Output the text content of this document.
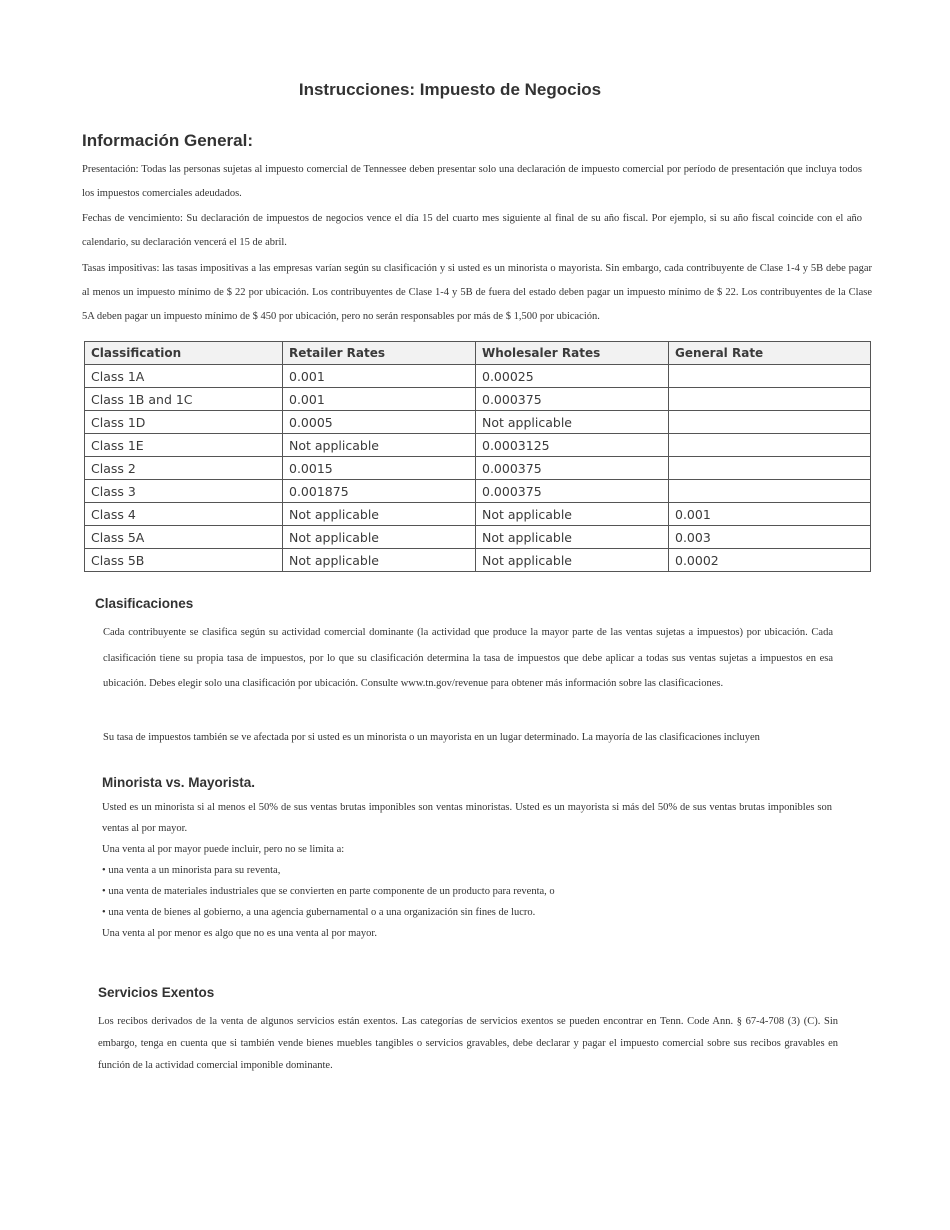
Instrucciones: Impuesto de Negocios
Información General:

Presentación: Todas las personas sujetas al impuesto comercial de Tennessee deben presentar solo una declaración de impuesto comercial por período de presentación que incluya todos los impuestos comerciales adeudados.

Fechas de vencimiento: Su declaración de impuestos de negocios vence el día 15 del cuarto mes siguiente al final de su año fiscal. Por ejemplo, si su año fiscal coincide con el año calendario, su declaración vencerá el 15 de abril.

Tasas impositivas: las tasas impositivas a las empresas varían según su clasificación y si usted es un minorista o mayorista. Sin embargo, cada contribuyente de Clase 1-4 y 5B debe pagar al menos un impuesto mínimo de $ 22 por ubicación. Los contribuyentes de Clase 1-4 y 5B de fuera del estado deben pagar un impuesto mínimo de $ 22. Los contribuyentes de la Clase 5A deben pagar un impuesto mínimo de $ 450 por ubicación, pero no serán responsables por más de $ 1,500 por ubicación.

Classification	Retailer Rates	Wholesaler Rates	General Rate
Class 1A	0.001	0.00025	
Class 1B and 1C	0.001	0.000375	
Class 1D	0.0005	Not applicable	
Class 1E	Not applicable	0.0003125	
Class 2	0.0015	0.000375	
Class 3	0.001875	0.000375	
Class 4	Not applicable	Not applicable	0.001
Class 5A	Not applicable	Not applicable	0.003
Class 5B	Not applicable	Not applicable	0.0002
Clasificaciones

Cada contribuyente se clasifica según su actividad comercial dominante (la actividad que produce la mayor parte de las ventas sujetas a impuestos) por ubicación. Cada clasificación tiene su propia tasa de impuestos, por lo que su clasificación determina la tasa de impuestos que debe aplicar a todas sus ventas sujetas a impuestos en esa ubicación. Debes elegir solo una clasificación por ubicación. Consulte www.tn.gov/revenue para obtener más información sobre las clasificaciones.

Su tasa de impuestos también se ve afectada por si usted es un minorista o un mayorista en un lugar determinado. La mayoría de las clasificaciones incluyen

Minorista vs. Mayorista.

Usted es un minorista si al menos el 50% de sus ventas brutas imponibles son ventas minoristas. Usted es un mayorista si más del 50% de sus ventas brutas imponibles son ventas al por mayor.

Una venta al por mayor puede incluir, pero no se limita a:

• una venta a un minorista para su reventa,
• una venta de materiales industriales que se convierten en parte componente de un producto para reventa, o
• una venta de bienes al gobierno, a una agencia gubernamental o a una organización sin fines de lucro.

Una venta al por menor es algo que no es una venta al por mayor.

Servicios Exentos

Los recibos derivados de la venta de algunos servicios están exentos. Las categorías de servicios exentos se pueden encontrar en Tenn. Code Ann. § 67-4-708 (3) (C). Sin embargo, tenga en cuenta que si también vende bienes muebles tangibles o servicios gravables, debe declarar y pagar el impuesto comercial sobre sus recibos gravables en función de la actividad comercial imponible dominante.
